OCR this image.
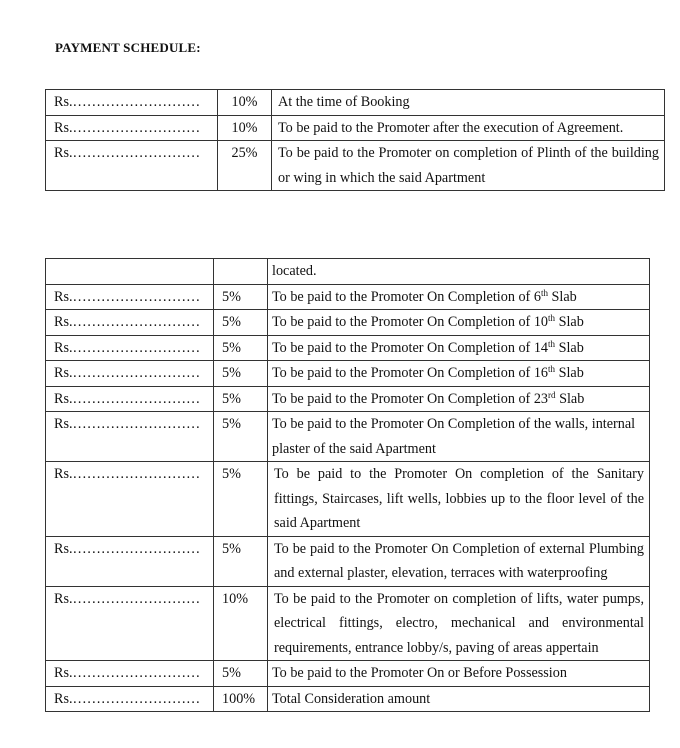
PAYMENT SCHEDULE:
Rs.………………………	10%	At the time of Booking
Rs.………………………	10%	To be paid to the Promoter after the execution of Agreement.
Rs.………………………	25%	To be paid to the Promoter on completion of Plinth of the building or wing in which the said Apartment
		located.
Rs.………………………	5%	To be paid to the Promoter On Completion of 6th Slab
Rs.………………………	5%	To be paid to the Promoter On Completion of 10th Slab
Rs.………………………	5%	To be paid to the Promoter On Completion of 14th Slab
Rs.………………………	5%	To be paid to the Promoter On Completion of 16th Slab
Rs.………………………	5%	To be paid to the Promoter On Completion of 23rd Slab
Rs.………………………	5%	To be paid to the Promoter On Completion of the walls, internal plaster of the said Apartment
Rs.………………………	5%	To be paid to the Promoter On completion of the Sanitary fittings, Staircases, lift wells, lobbies up to the floor level of the said Apartment
Rs.………………………	5%	To be paid to the Promoter On Completion of external Plumbing and external plaster, elevation, terraces with waterproofing
Rs.………………………	10%	To be paid to the Promoter on completion of lifts, water pumps, electrical fittings, electro, mechanical and environmental requirements, entrance lobby/s, paving of areas appertain
Rs.………………………	5%	To be paid to the Promoter On or Before Possession
Rs.………………………	100%	Total Consideration amount
